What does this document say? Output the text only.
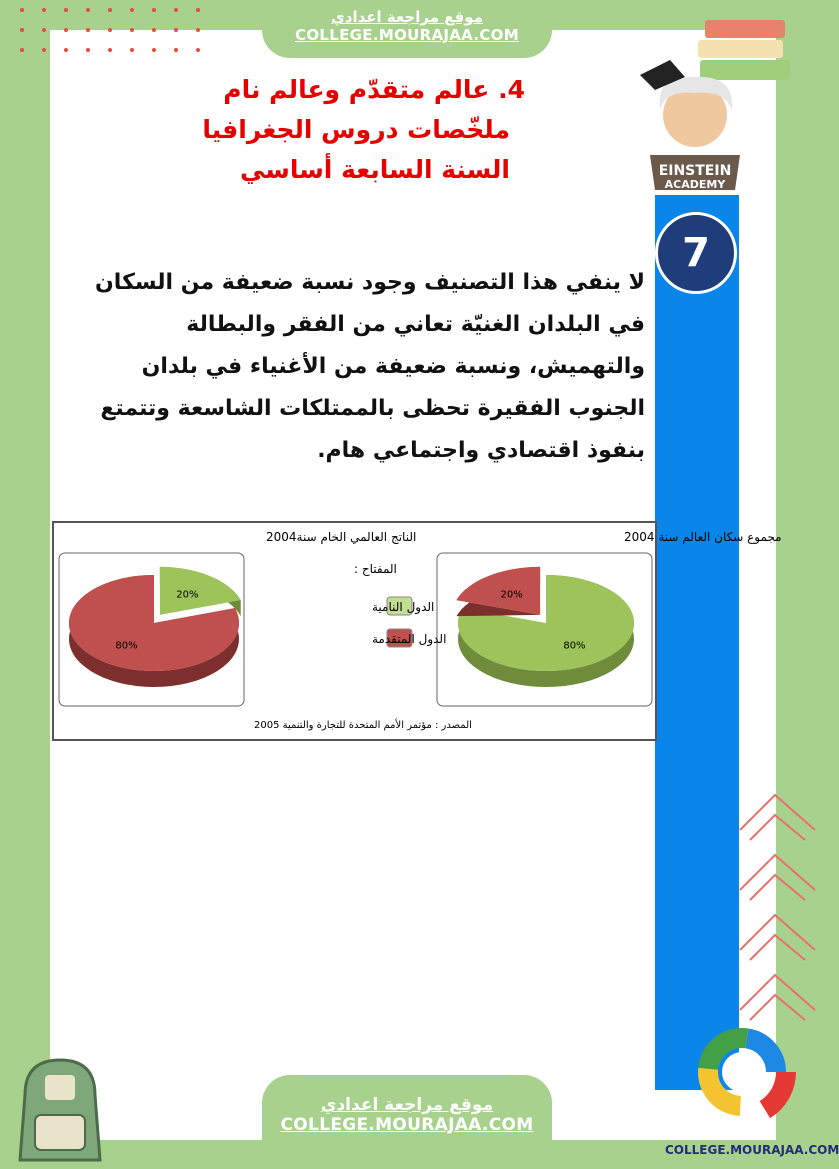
موقع مراجعة اعدادي
COLLEGE.MOURAJAA.COM
4. عالم متقدّم وعالم نام
ملخّصات دروس الجغرافيا
السنة السابعة أساسي	EINSTEIN
ACADEMY
7
لا ينفي هذا التصنيف وجود نسبة ضعيفة من السكان في البلدان الغنيّة تعاني من الفقر والبطالة والتهميش، ونسبة ضعيفة من الأغنياء في بلدان الجنوب الفقيرة تحظى بالممتلكات الشاسعة وتتمتع بنفوذ اقتصادي واجتماعي هام.
مجموع سكان العالم سنة 2004
الناتج العالمي الخام سنة2004
80%
20%
20%
80%
المفتاح :
الدول النامية
الدول المتقدمة
المصدر : مؤتمر الأمم المتحدة للتجارة والتنمية 2005
COLLEGE.MOURAJAA.COM
موقع مراجعة اعدادي
COLLEGE.MOURAJAA.COM
